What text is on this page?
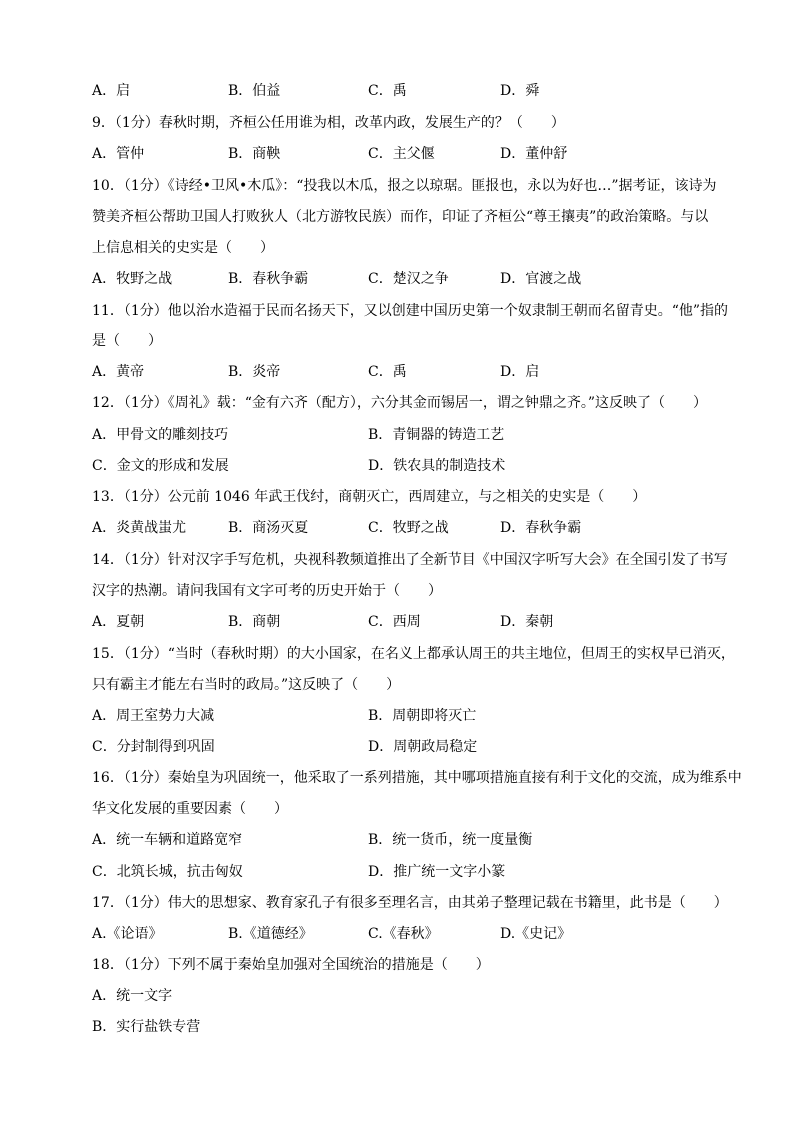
A．启	B．伯益	C．禹	D．舜
9．（1分）春秋时期，齐桓公任用谁为相，改革内政，发展生产的？（　　）
A．管仲	B．商鞅	C．主父偃	D．董仲舒
10．（1分）《诗经•卫风•木瓜》：“投我以木瓜，报之以琼琚。匪报也，永以为好也…”据考证，该诗为
赞美齐桓公帮助卫国人打败狄人（北方游牧民族）而作，印证了齐桓公“尊王攘夷”的政治策略。与以
上信息相关的史实是（　　）
A．牧野之战	B．春秋争霸	C．楚汉之争	D．官渡之战
11．（1分）他以治水造福于民而名扬天下，又以创建中国历史第一个奴隶制王朝而名留青史。“他”指的
是（　　）
A．黄帝	B．炎帝	C．禹	D．启
12．（1分）《周礼》载：“金有六齐（配方），六分其金而锡居一，谓之钟鼎之齐。”这反映了（　　）
A．甲骨文的雕刻技巧	B．青铜器的铸造工艺
C．金文的形成和发展	D．铁农具的制造技术
13．（1分）公元前 1046 年武王伐纣，商朝灭亡，西周建立，与之相关的史实是（　　）
A．炎黄战蚩尤	B．商汤灭夏	C．牧野之战	D．春秋争霸
14．（1分）针对汉字手写危机，央视科教频道推出了全新节目《中国汉字听写大会》在全国引发了书写
汉字的热潮。请问我国有文字可考的历史开始于（　　）
A．夏朝	B．商朝	C．西周	D．秦朝
15．（1分）“当时（春秋时期）的大小国家，在名义上都承认周王的共主地位，但周王的实权早已消灭，
只有霸主才能左右当时的政局。”这反映了（　　）
A．周王室势力大减	B．周朝即将灭亡
C．分封制得到巩固	D．周朝政局稳定
16．（1分）秦始皇为巩固统一，他采取了一系列措施，其中哪项措施直接有利于文化的交流，成为维系中
华文化发展的重要因素（　　）
A．统一车辆和道路宽窄	B．统一货币，统一度量衡
C．北筑长城，抗击匈奴	D．推广统一文字小篆
17．（1分）伟大的思想家、教育家孔子有很多至理名言，由其弟子整理记载在书籍里，此书是（　　）
A.《论语》	B.《道德经》	C.《春秋》	D.《史记》
18．（1分）下列不属于秦始皇加强对全国统治的措施是（　　）
A．统一文字
B．实行盐铁专营
